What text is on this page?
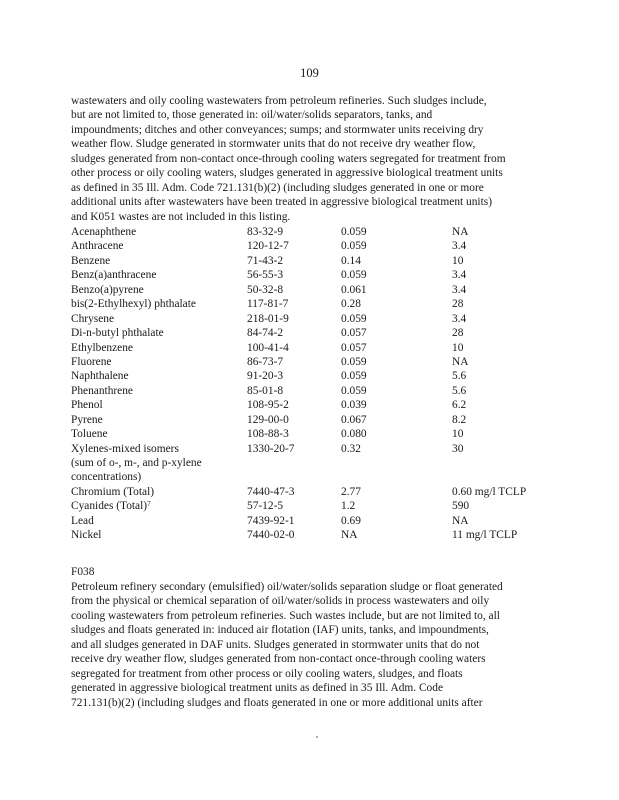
109
wastewaters and oily cooling wastewaters from petroleum refineries. Such sludges include,
but are not limited to, those generated in: oil/water/solids separators, tanks, and
impoundments; ditches and other conveyances; sumps; and stormwater units receiving dry
weather flow. Sludge generated in stormwater units that do not receive dry weather flow,
sludges generated from non-contact once-through cooling waters segregated for treatment from
other process or oily cooling waters, sludges generated in aggressive biological treatment units
as defined in 35 Ill. Adm. Code 721.131(b)(2) (including sludges generated in one or more
additional units after wastewaters have been treated in aggressive biological treatment units)
and K051 wastes are not included in this listing.
Acenaphthene	83-32-9	0.059	NA
Anthracene	120-12-7	0.059	3.4
Benzene	71-43-2	0.14	10
Benz(a)anthracene	56-55-3	0.059	3.4
Benzo(a)pyrene	50-32-8	0.061	3.4
bis(2-Ethylhexyl) phthalate	117-81-7	0.28	28
Chrysene	218-01-9	0.059	3.4
Di-n-butyl phthalate	84-74-2	0.057	28
Ethylbenzene	100-41-4	0.057	10
Fluorene	86-73-7	0.059	NA
Naphthalene	91-20-3	0.059	5.6
Phenanthrene	85-01-8	0.059	5.6
Phenol	108-95-2	0.039	6.2
Pyrene	129-00-0	0.067	8.2
Toluene	108-88-3	0.080	10
Xylenes-mixed isomers	1330-20-7	0.32	30
(sum of o-, m-, and p-xylene
concentrations)
Chromium (Total)	7440-47-3	2.77	0.60 mg/l TCLP
Cyanides (Total)$^7$	57-12-5	1.2	590
Lead	7439-92-1	0.69	NA
Nickel	7440-02-0	NA	11 mg/l TCLP
F038
Petroleum refinery secondary (emulsified) oil/water/solids separation sludge or float generated
from the physical or chemical separation of oil/water/solids in process wastewaters and oily
cooling wastewaters from petroleum refineries. Such wastes include, but are not limited to, all
sludges and floats generated in: induced air flotation (IAF) units, tanks, and impoundments,
and all sludges generated in DAF units. Sludges generated in stormwater units that do not
receive dry weather flow, sludges generated from non-contact once-through cooling waters
segregated for treatment from other process or oily cooling waters, sludges, and floats
generated in aggressive biological treatment units as defined in 35 Ill. Adm. Code
721.131(b)(2) (including sludges and floats generated in one or more additional units after
